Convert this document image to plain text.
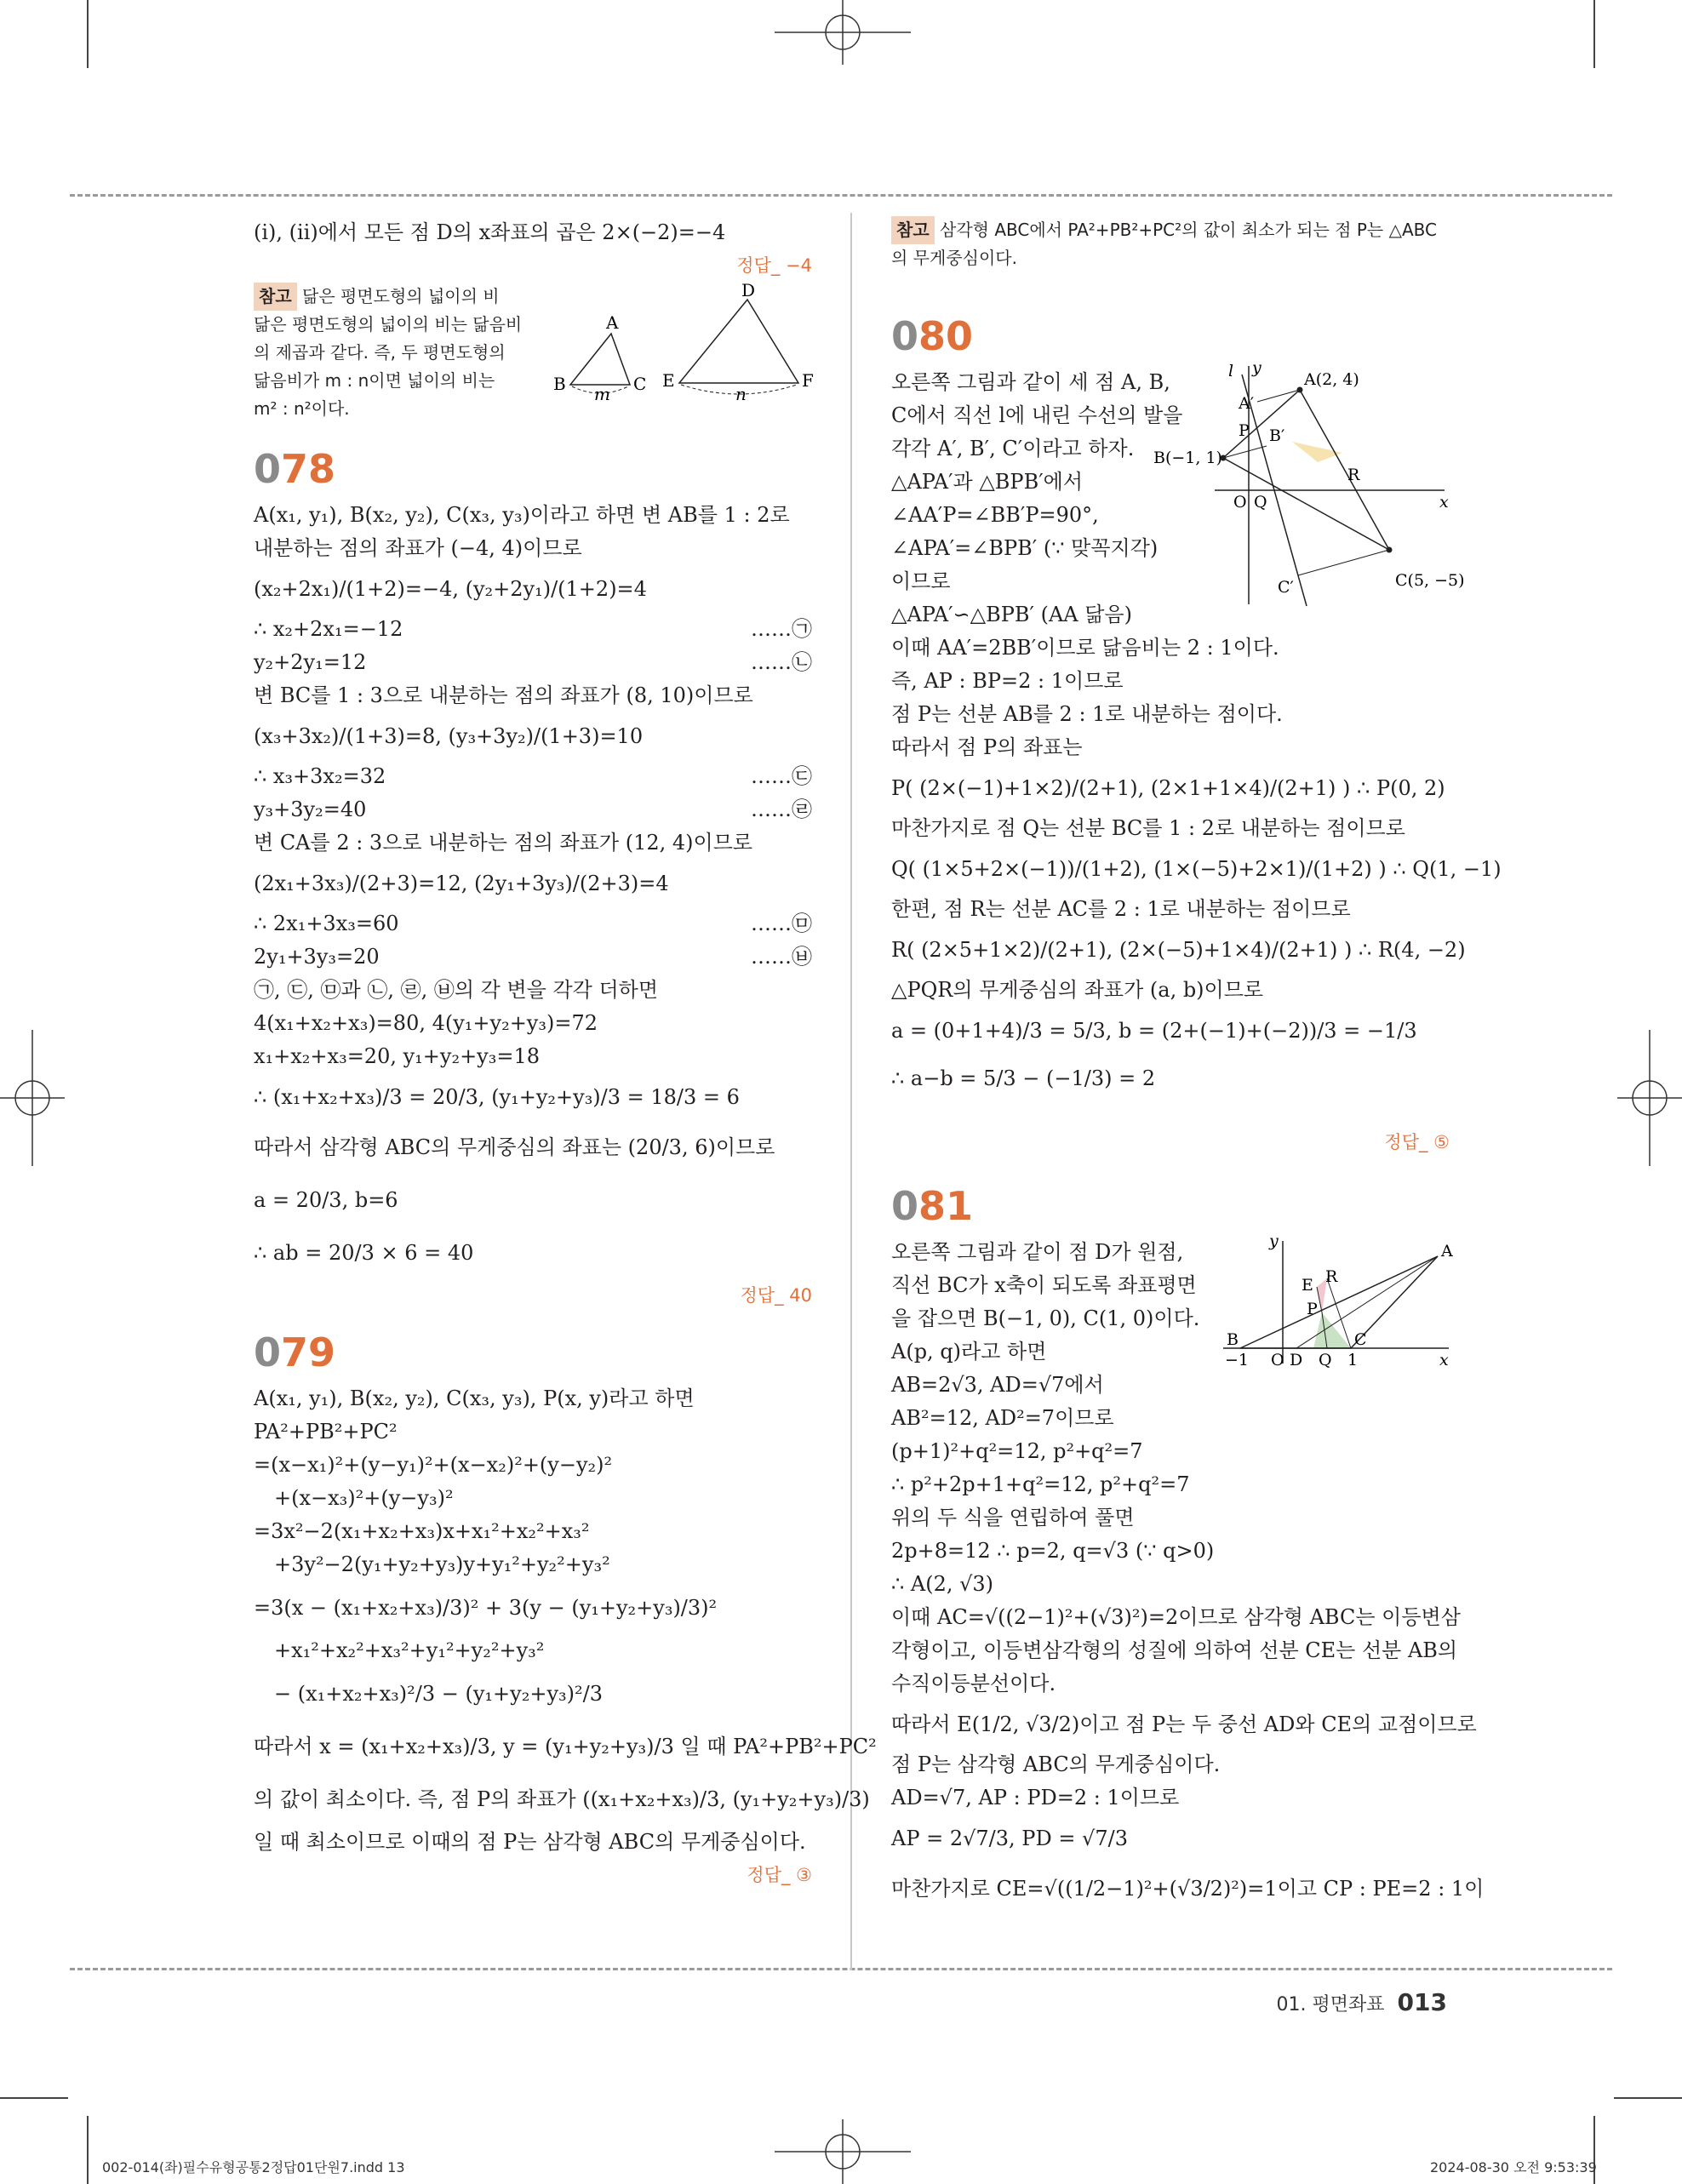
(ⅰ), (ⅱ)에서 모든 점 D의 x좌표의 곱은 2×(−2)=−4
정답_ −4
참고 닮은 평면도형의 넓이의 비
닮은 평면도형의 넓이의 비는 닮음비
의 제곱과 같다. 즉, 두 평면도형의
닮음비가 m : n이면 넓이의 비는
m² : n²이다.
A
B	C
m
D
E	F
n
078
A(x₁, y₁), B(x₂, y₂), C(x₃, y₃)이라고 하면 변 AB를 1 : 2로
내분하는 점의 좌표가 (−4, 4)이므로
(x₂+2x₁)/(1+2)=−4, (y₂+2y₁)/(1+2)=4
∴ x₂+2x₁=−12	……㉠
y₂+2y₁=12	……㉡
변 BC를 1 : 3으로 내분하는 점의 좌표가 (8, 10)이므로
(x₃+3x₂)/(1+3)=8, (y₃+3y₂)/(1+3)=10
∴ x₃+3x₂=32	……㉢
y₃+3y₂=40	……㉣
변 CA를 2 : 3으로 내분하는 점의 좌표가 (12, 4)이므로
(2x₁+3x₃)/(2+3)=12, (2y₁+3y₃)/(2+3)=4
∴ 2x₁+3x₃=60	……㉤
2y₁+3y₃=20	……㉥
㉠, ㉢, ㉤과 ㉡, ㉣, ㉥의 각 변을 각각 더하면
4(x₁+x₂+x₃)=80, 4(y₁+y₂+y₃)=72
x₁+x₂+x₃=20, y₁+y₂+y₃=18
∴ (x₁+x₂+x₃)/3 = 20/3, (y₁+y₂+y₃)/3 = 18/3 = 6
따라서 삼각형 ABC의 무게중심의 좌표는 (20/3, 6)이므로
a = 20/3, b=6
∴ ab = 20/3 × 6 = 40
정답_ 40
079
A(x₁, y₁), B(x₂, y₂), C(x₃, y₃), P(x, y)라고 하면
PA²+PB²+PC²
=(x−x₁)²+(y−y₁)²+(x−x₂)²+(y−y₂)²
+(x−x₃)²+(y−y₃)²
=3x²−2(x₁+x₂+x₃)x+x₁²+x₂²+x₃²
+3y²−2(y₁+y₂+y₃)y+y₁²+y₂²+y₃²
=3(x − (x₁+x₂+x₃)/3)² + 3(y − (y₁+y₂+y₃)/3)²
+x₁²+x₂²+x₃²+y₁²+y₂²+y₃²
− (x₁+x₂+x₃)²/3 − (y₁+y₂+y₃)²/3
따라서 x = (x₁+x₂+x₃)/3, y = (y₁+y₂+y₃)/3 일 때 PA²+PB²+PC²
의 값이 최소이다. 즉, 점 P의 좌표가 ((x₁+x₂+x₃)/3, (y₁+y₂+y₃)/3)
일 때 최소이므로 이때의 점 P는 삼각형 ABC의 무게중심이다.
정답_ ③
참고 삼각형 ABC에서 PA²+PB²+PC²의 값이 최소가 되는 점 P는 △ABC
의 무게중심이다.
080
A(2, 4)
B(−1, 1)
C(5, −5)
A′
B′
C′
P
Q
R
O	x
y
l
오른쪽 그림과 같이 세 점 A, B,
C에서 직선 l에 내린 수선의 발을
각각 A′, B′, C′이라고 하자.
△APA′과 △BPB′에서
∠AA′P=∠BB′P=90°,
∠APA′=∠BPB′ (∵ 맞꼭지각)
이므로
△APA′∽△BPB′ (AA 닮음)
이때 AA′=2BB′이므로 닮음비는 2 : 1이다.
즉, AP : BP=2 : 1이므로
점 P는 선분 AB를 2 : 1로 내분하는 점이다.
따라서 점 P의 좌표는
P( (2×(−1)+1×2)/(2+1), (2×1+1×4)/(2+1) ) ∴ P(0, 2)
마찬가지로 점 Q는 선분 BC를 1 : 2로 내분하는 점이므로
Q( (1×5+2×(−1))/(1+2), (1×(−5)+2×1)/(1+2) ) ∴ Q(1, −1)
한편, 점 R는 선분 AC를 2 : 1로 내분하는 점이므로
R( (2×5+1×2)/(2+1), (2×(−5)+1×4)/(2+1) ) ∴ R(4, −2)
△PQR의 무게중심의 좌표가 (a, b)이므로
a = (0+1+4)/3 = 5/3, b = (2+(−1)+(−2))/3 = −1/3
∴ a−b = 5/3 − (−1/3) = 2
정답_ ⑤
081
A
B	C
D
E
P
Q
R
O	x
y
−1	1
오른쪽 그림과 같이 점 D가 원점,
직선 BC가 x축이 되도록 좌표평면
을 잡으면 B(−1, 0), C(1, 0)이다.
A(p, q)라고 하면
AB=2√3, AD=√7에서
AB²=12, AD²=7이므로
(p+1)²+q²=12, p²+q²=7
∴ p²+2p+1+q²=12, p²+q²=7
위의 두 식을 연립하여 풀면
2p+8=12 ∴ p=2, q=√3 (∵ q>0)
∴ A(2, √3)
이때 AC=√((2−1)²+(√3)²)=2이므로 삼각형 ABC는 이등변삼
각형이고, 이등변삼각형의 성질에 의하여 선분 CE는 선분 AB의
수직이등분선이다.
따라서 E(1/2, √3/2)이고 점 P는 두 중선 AD와 CE의 교점이므로
점 P는 삼각형 ABC의 무게중심이다.
AD=√7, AP : PD=2 : 1이므로
AP = 2√7/3, PD = √7/3
마찬가지로 CE=√((1/2−1)²+(√3/2)²)=1이고 CP : PE=2 : 1이
01. 평면좌표 013
002-014(좌)필수유형공통2정답01단원7.indd 13	2024-08-30 오전 9:53:39
